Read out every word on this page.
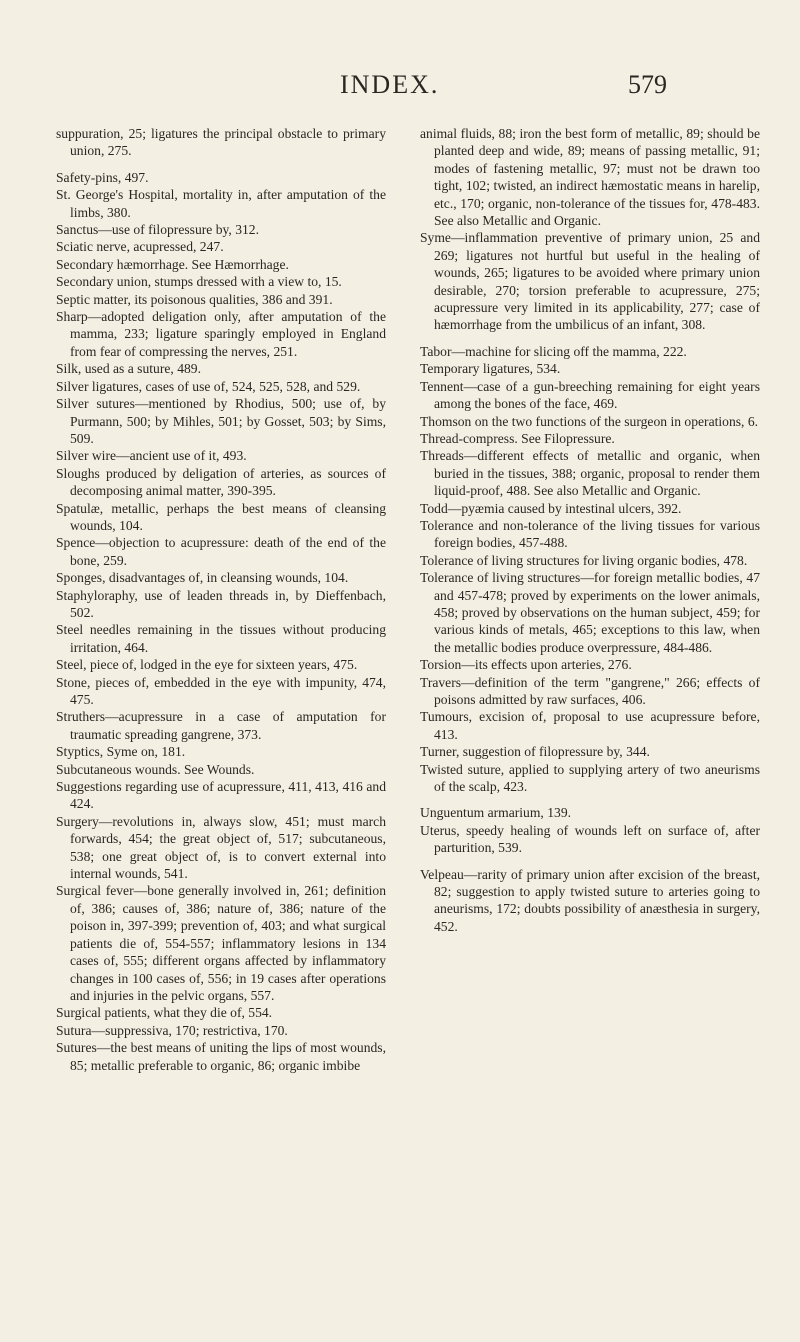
INDEX.	579

suppuration, 25; ligatures the principal obstacle to primary union, 275.

Safety-pins, 497.

St. George's Hospital, mortality in, after amputation of the limbs, 380.

Sanctus—use of filopressure by, 312.

Sciatic nerve, acupressed, 247.

Secondary hæmorrhage. See Hæmorrhage.

Secondary union, stumps dressed with a view to, 15.

Septic matter, its poisonous qualities, 386 and 391.

Sharp—adopted deligation only, after amputation of the mamma, 233; ligature sparingly employed in England from fear of compressing the nerves, 251.

Silk, used as a suture, 489.

Silver ligatures, cases of use of, 524, 525, 528, and 529.

Silver sutures—mentioned by Rhodius, 500; use of, by Purmann, 500; by Mihles, 501; by Gosset, 503; by Sims, 509.

Silver wire—ancient use of it, 493.

Sloughs produced by deligation of arteries, as sources of decomposing animal matter, 390-395.

Spatulæ, metallic, perhaps the best means of cleansing wounds, 104.

Spence—objection to acupressure: death of the end of the bone, 259.

Sponges, disadvantages of, in cleansing wounds, 104.

Staphyloraphy, use of leaden threads in, by Dieffenbach, 502.

Steel needles remaining in the tissues without producing irritation, 464.

Steel, piece of, lodged in the eye for sixteen years, 475.

Stone, pieces of, embedded in the eye with impunity, 474, 475.

Struthers—acupressure in a case of amputation for traumatic spreading gangrene, 373.

Styptics, Syme on, 181.

Subcutaneous wounds. See Wounds.

Suggestions regarding use of acupressure, 411, 413, 416 and 424.

Surgery—revolutions in, always slow, 451; must march forwards, 454; the great object of, 517; subcutaneous, 538; one great object of, is to convert external into internal wounds, 541.

Surgical fever—bone generally involved in, 261; definition of, 386; causes of, 386; nature of, 386; nature of the poison in, 397-399; prevention of, 403; and what surgical patients die of, 554-557; inflammatory lesions in 134 cases of, 555; different organs affected by inflammatory changes in 100 cases of, 556; in 19 cases after operations and injuries in the pelvic organs, 557.

Surgical patients, what they die of, 554.

Sutura—suppressiva, 170; restrictiva, 170.

Sutures—the best means of uniting the lips of most wounds, 85; metallic preferable to organic, 86; organic imbibe

animal fluids, 88; iron the best form of metallic, 89; should be planted deep and wide, 89; means of passing metallic, 91; modes of fastening metallic, 97; must not be drawn too tight, 102; twisted, an indirect hæmostatic means in harelip, etc., 170; organic, non-tolerance of the tissues for, 478-483. See also Metallic and Organic.

Syme—inflammation preventive of primary union, 25 and 269; ligatures not hurtful but useful in the healing of wounds, 265; ligatures to be avoided where primary union desirable, 270; torsion preferable to acupressure, 275; acupressure very limited in its applicability, 277; case of hæmorrhage from the umbilicus of an infant, 308.

Tabor—machine for slicing off the mamma, 222.

Temporary ligatures, 534.

Tennent—case of a gun-breeching remaining for eight years among the bones of the face, 469.

Thomson on the two functions of the surgeon in operations, 6.

Thread-compress. See Filopressure.

Threads—different effects of metallic and organic, when buried in the tissues, 388; organic, proposal to render them liquid-proof, 488. See also Metallic and Organic.

Todd—pyæmia caused by intestinal ulcers, 392.

Tolerance and non-tolerance of the living tissues for various foreign bodies, 457-488.

Tolerance of living structures for living organic bodies, 478.

Tolerance of living structures—for foreign metallic bodies, 47 and 457-478; proved by experiments on the lower animals, 458; proved by observations on the human subject, 459; for various kinds of metals, 465; exceptions to this law, when the metallic bodies produce overpressure, 484-486.

Torsion—its effects upon arteries, 276.

Travers—definition of the term "gangrene," 266; effects of poisons admitted by raw surfaces, 406.

Tumours, excision of, proposal to use acupressure before, 413.

Turner, suggestion of filopressure by, 344.

Twisted suture, applied to supplying artery of two aneurisms of the scalp, 423.

Unguentum armarium, 139.

Uterus, speedy healing of wounds left on surface of, after parturition, 539.

Velpeau—rarity of primary union after excision of the breast, 82; suggestion to apply twisted suture to arteries going to aneurisms, 172; doubts possibility of anæsthesia in surgery, 452.
